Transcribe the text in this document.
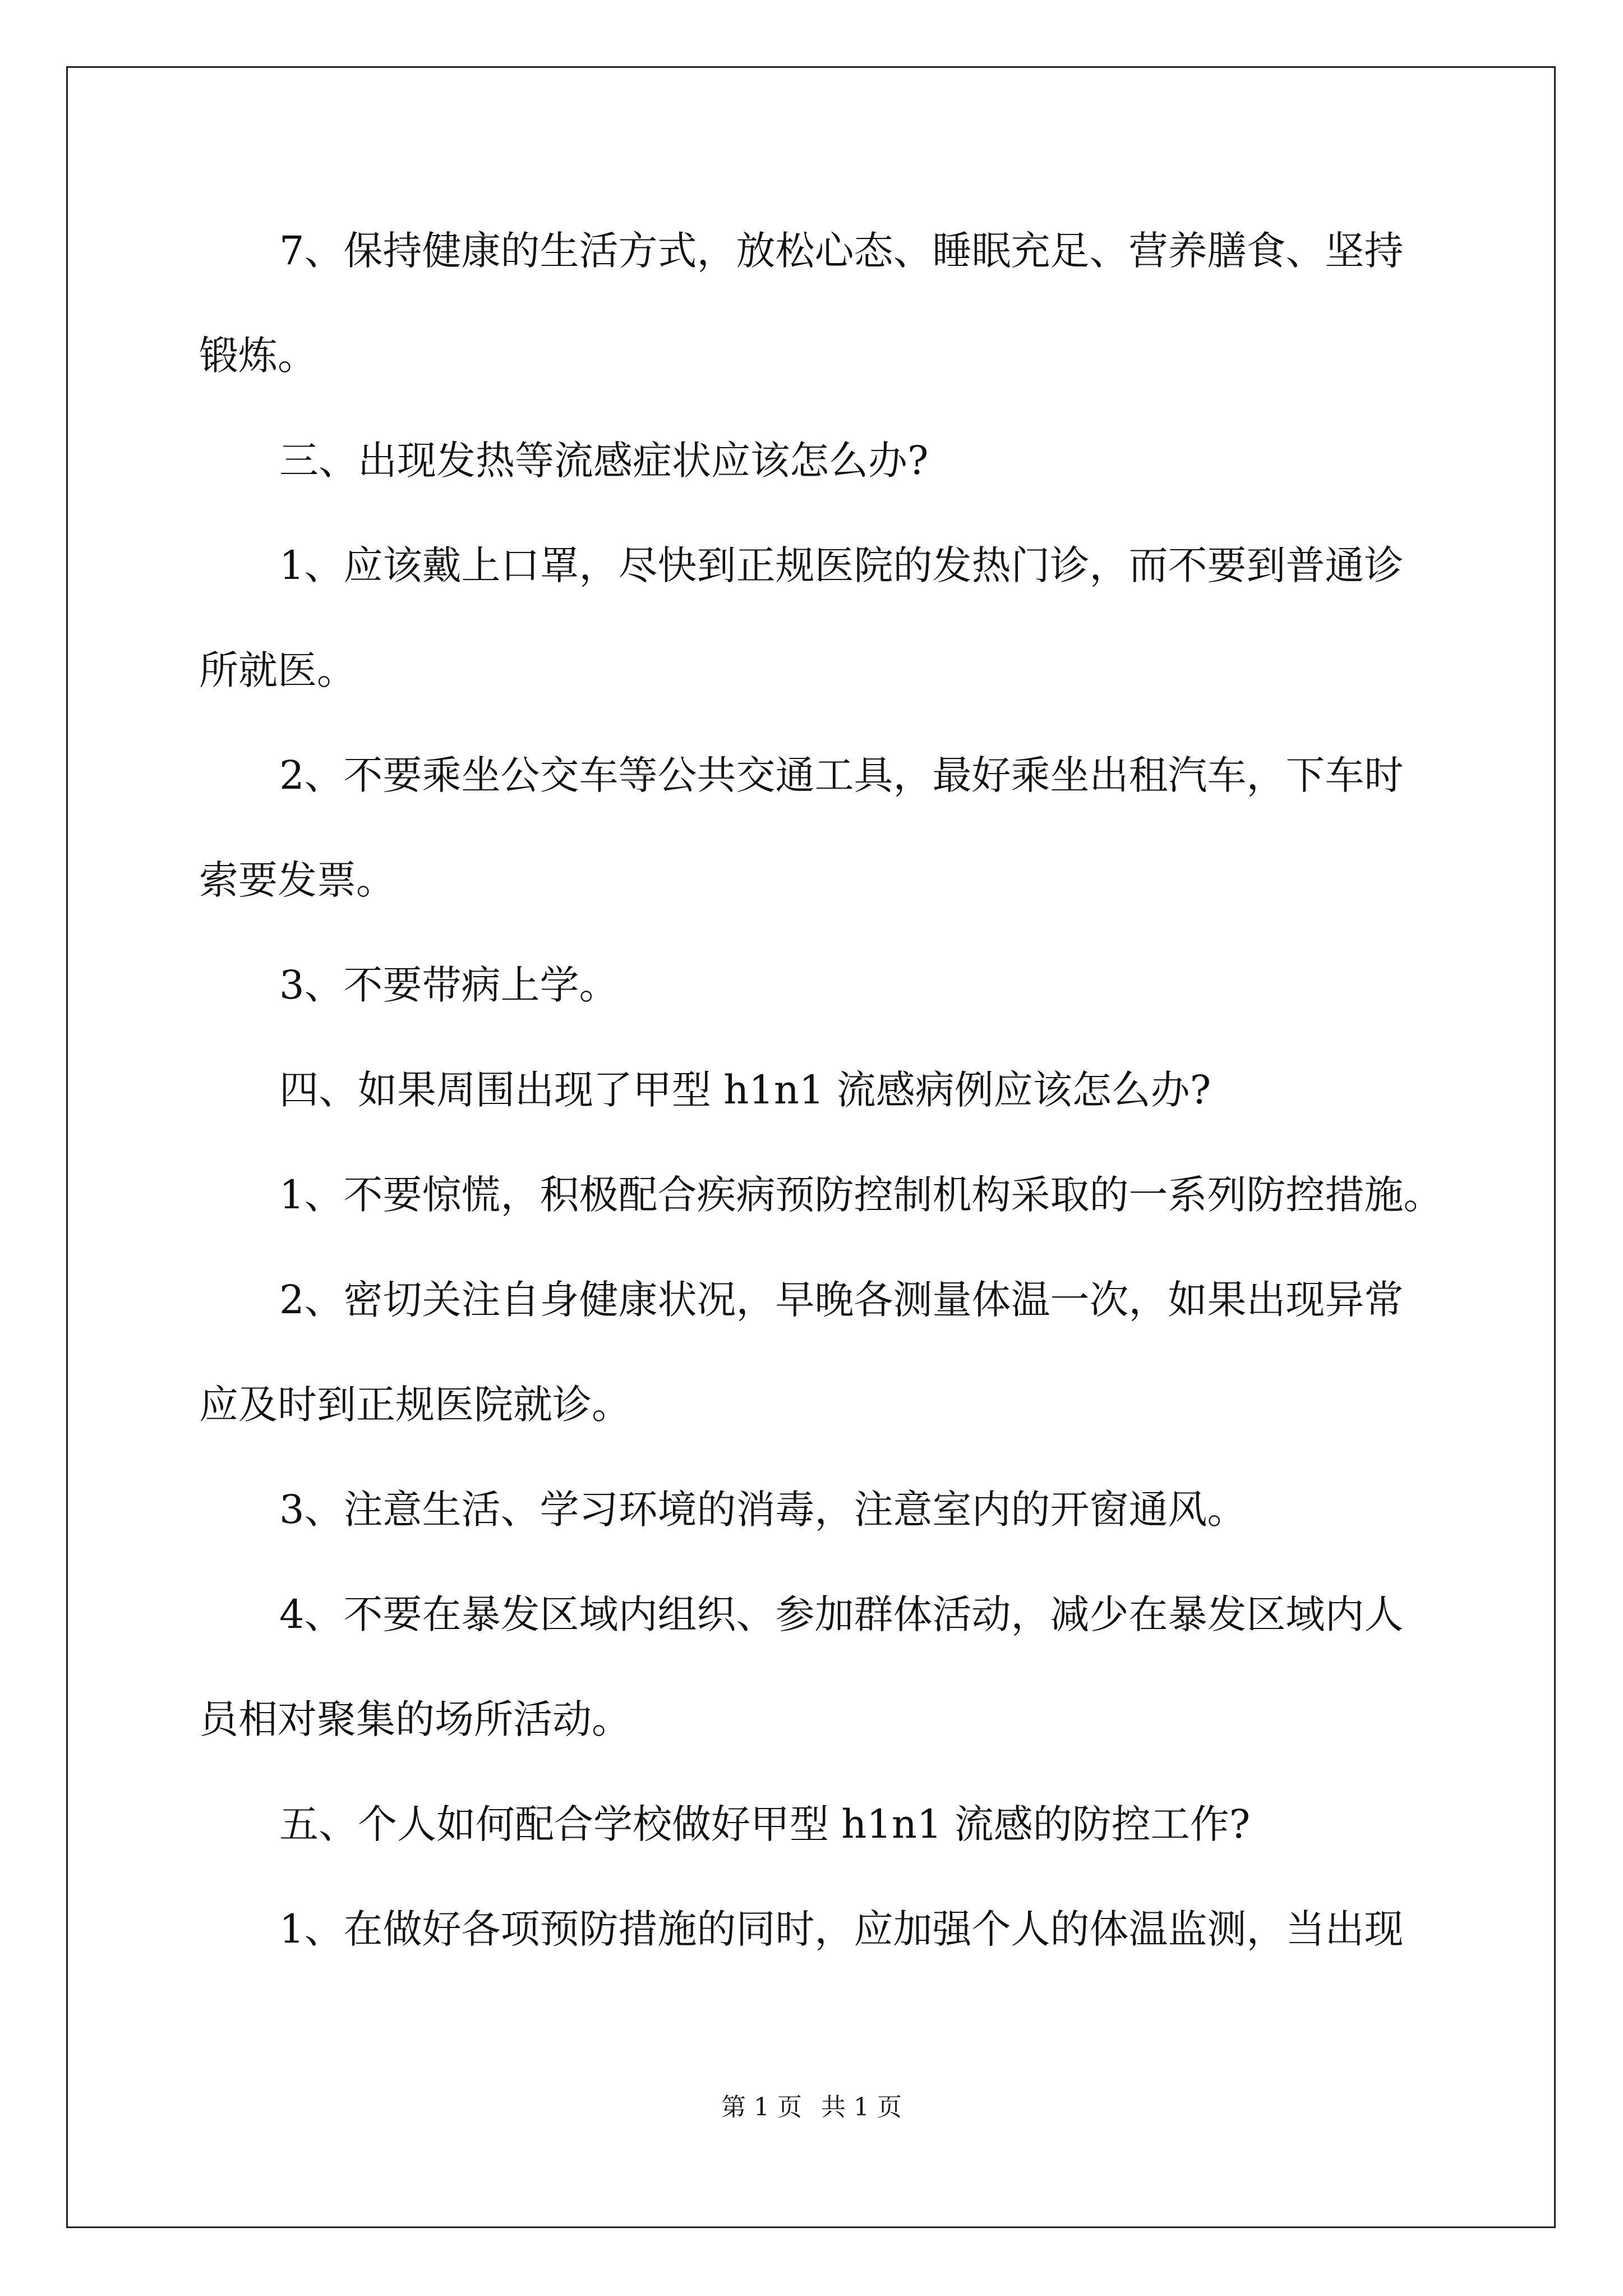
7、保持健康的生活方式，放松心态、睡眠充足、营养膳食、坚持
锻炼。
三、出现发热等流感症状应该怎么办?
1、应该戴上口罩，尽快到正规医院的发热门诊，而不要到普通诊
所就医。
2、不要乘坐公交车等公共交通工具，最好乘坐出租汽车，下车时
索要发票。
3、不要带病上学。
四、如果周围出现了甲型 h1n1 流感病例应该怎么办?
1、不要惊慌，积极配合疾病预防控制机构采取的一系列防控措施。
2、密切关注自身健康状况，早晚各测量体温一次，如果出现异常
应及时到正规医院就诊。
3、注意生活、学习环境的消毒，注意室内的开窗通风。
4、不要在暴发区域内组织、参加群体活动，减少在暴发区域内人
员相对聚集的场所活动。
五、个人如何配合学校做好甲型 h1n1 流感的防控工作?
1、在做好各项预防措施的同时，应加强个人的体温监测，当出现
第 1 页 共 1 页
